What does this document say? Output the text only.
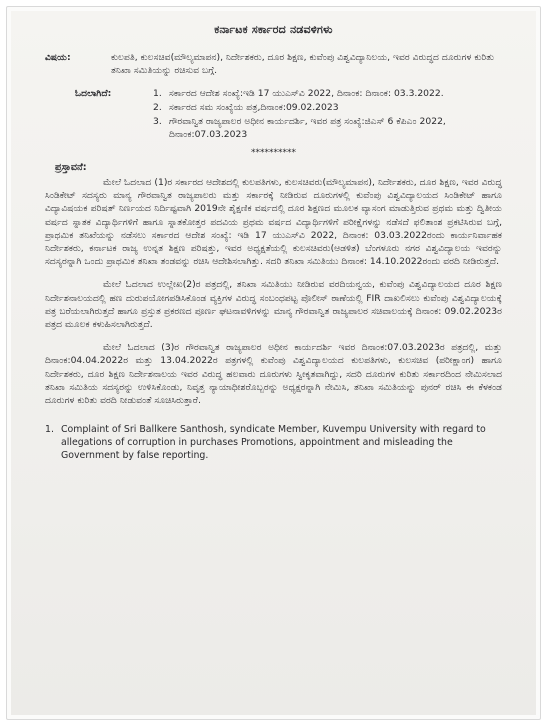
ಕರ್ನಾಟಕ ಸರ್ಕಾರದ ನಡವಳಿಗಳು
ವಿಷಯ:	ಕುಲಪತಿ, ಕುಲಸಚಿವ(ಮೌಲ್ಯಮಾಪನ), ನಿರ್ದೇಶಕರು, ದೂರ ಶಿಕ್ಷಣ, ಕುವೆಂಪು ವಿಶ್ವವಿದ್ಯಾನಿಲಯ, ಇವರ ವಿರುದ್ಧದ ದೂರುಗಳ ಕುರಿತು ತನಿಖಾ ಸಮಿತಿಯನ್ನು ರಚಿಸುವ ಬಗ್ಗೆ.
ಓದಲಾಗಿದೆ:	1. ಸರ್ಕಾರದ ಆದೇಶ ಸಂಖ್ಯೆ:ಇಡಿ 17 ಯುಎಸ್‌ವಿ 2022, ದಿನಾಂಕ: ದಿನಾಂಕ: 03.3.2022.
2. ಸರ್ಕಾರದ ಸಮ ಸಂಖ್ಯೆಯ ಪತ್ರ,ದಿನಾಂಕ:09.02.2023
3. ಗೌರವಾನ್ವಿತ ರಾಜ್ಯಪಾಲರ ಅಧೀನ ಕಾರ್ಯದರ್ಶಿ, ಇವರ ಪತ್ರ ಸಂಖ್ಯೆ:ಜಿಎಸ್ 6 ಕೆಪಿಎಂ 2022, ದಿನಾಂಕ:07.03.2023
**********
ಪ್ರಸ್ತಾವನೆ:

ಮೇಲೆ ಓದಲಾದ (1)ರ ಸರ್ಕಾರದ ಆದೇಶದಲ್ಲಿ ಕುಲಪತಿಗಳು, ಕುಲಸಚಿವರು(ಮೌಲ್ಯಮಾಪನ), ನಿರ್ದೇಶಕರು, ದೂರ ಶಿಕ್ಷಣ, ಇವರ ವಿರುದ್ಧ ಸಿಂಡಿಕೇಟ್ ಸದಸ್ಯರು ಮಾನ್ಯ ಗೌರವಾನ್ವಿತ ರಾಜ್ಯಪಾಲರು ಮತ್ತು ಸರ್ಕಾರಕ್ಕೆ ನೀಡಿರುವ ದೂರುಗಳಲ್ಲಿ ಕುವೆಂಪು ವಿಶ್ವವಿದ್ಯಾಲಯದ ಸಿಂಡಿಕೇಟ್ ಹಾಗೂ ವಿದ್ಯಾವಿಷಯಕ ಪರಿಷತ್ ನಿರ್ಣಯದ ನಿರ್ದಿಷ್ಟವಾಗಿ 2019ನೇ ಶೈಕ್ಷಣಿಕ ವರ್ಷದಲ್ಲಿ ದೂರ ಶಿಕ್ಷಣದ ಮೂಲಕ ವ್ಯಾಸಂಗ ಮಾಡುತ್ತಿರುವ ಪ್ರಥಮ ಮತ್ತು ದ್ವಿತೀಯ ವರ್ಷದ ಸ್ನಾತಕ ವಿದ್ಯಾರ್ಥಿಗಳಿಗೆ ಹಾಗೂ ಸ್ನಾತಕೋತ್ತರ ಪದವಿಯ ಪ್ರಥಮ ವರ್ಷದ ವಿದ್ಯಾರ್ಥಿಗಳಿಗೆ ಪರೀಕ್ಷೆಗಳನ್ನು ನಡೆಸದೆ ಫಲಿತಾಂಶ ಪ್ರಕಟಿಸಿರುವ ಬಗ್ಗೆ, ಪ್ರಾಥಮಿಕ ತನಿಖೆಯನ್ನು ನಡೆಸಲು ಸರ್ಕಾರದ ಆದೇಶ ಸಂಖ್ಯೆ: ಇಡಿ 17 ಯುಎಸ್‌ವಿ 2022, ದಿನಾಂಕ: 03.03.2022ರಂದು ಕಾರ್ಯನಿರ್ವಾಹಕ ನಿರ್ದೇಶಕರು, ಕರ್ನಾಟಕ ರಾಜ್ಯ ಉನ್ನತ ಶಿಕ್ಷಣ ಪರಿಷತ್ತು, ಇವರ ಅಧ್ಯಕ್ಷತೆಯಲ್ಲಿ ಕುಲಸಚಿವರು(ಆಡಳಿತ) ಬೆಂಗಳೂರು ನಗರ ವಿಶ್ವವಿದ್ಯಾಲಯ ಇವರನ್ನು ಸದಸ್ಯರನ್ನಾಗಿ ಒಂದು ಪ್ರಾಥಮಿಕ ತನಿಖಾ ತಂಡವನ್ನು ರಚಿಸಿ ಆದೇಶಿಸಲಾಗಿತ್ತು. ಸದರಿ ತನಿಖಾ ಸಮಿತಿಯು ದಿನಾಂಕ: 14.10.2022ರಂದು ವರದಿ ನೀಡಿರುತ್ತದೆ.

ಮೇಲೆ ಓದಲಾದ ಉಲ್ಲೇಖ(2)ರ ಪತ್ರದಲ್ಲಿ, ತನಿಖಾ ಸಮಿತಿಯು ನೀಡಿರುವ ವರದಿಯನ್ವಯ, ಕುವೆಂಪು ವಿಶ್ವವಿದ್ಯಾಲಯದ ದೂರ ಶಿಕ್ಷಣ ನಿರ್ದೇಶನಾಲಯದಲ್ಲಿ ಹಣ ದುರುಪಯೋಗಪಡಿಸಿಕೊಂಡ ವ್ಯಕ್ತಿಗಳ ವಿರುದ್ಧ ಸಂಬಂಧಪಟ್ಟ ಪೊಲೀಸ್ ಠಾಣೆಯಲ್ಲಿ FIR ದಾಖಲಿಸಲು ಕುವೆಂಪು ವಿಶ್ವವಿದ್ಯಾಲಯಕ್ಕೆ ಪತ್ರ ಬರೆಯಲಾಗಿರುತ್ತದೆ ಹಾಗೂ ಪ್ರಸ್ತುತ ಪ್ರಕರಣದ ಪೂರ್ಣ ಘಟನಾವಳಿಗಳನ್ನು ಮಾನ್ಯ ಗೌರವಾನ್ವಿತ ರಾಜ್ಯಪಾಲರ ಸಚಿವಾಲಯಕ್ಕೆ ದಿನಾಂಕ: 09.02.2023ರ ಪತ್ರದ ಮೂಲಕ ಕಳುಹಿಸಲಾಗಿರುತ್ತದೆ.

ಮೇಲೆ ಓದಲಾದ (3)ರ ಗೌರವಾನ್ವಿತ ರಾಜ್ಯಪಾಲರ ಅಧೀನ ಕಾರ್ಯದರ್ಶಿ ಇವರ ದಿನಾಂಕ:07.03.2023ರ ಪತ್ರದಲ್ಲಿ, ಮತ್ತು ದಿನಾಂಕ:04.04.2022ರ ಮತ್ತು 13.04.2022ರ ಪತ್ರಗಳಲ್ಲಿ ಕುವೆಂಪು ವಿಶ್ವವಿದ್ಯಾಲಯದ ಕುಲಪತಿಗಳು, ಕುಲಸಚಿವ (ಪರೀಕ್ಷಾಂಗ) ಹಾಗೂ ನಿರ್ದೇಶಕರು, ದೂರ ಶಿಕ್ಷಣ ನಿರ್ದೇಶನಾಲಯ ಇವರ ವಿರುದ್ಧ ಹಲವಾರು ದೂರುಗಳು ಸ್ವೀಕೃತವಾಗಿದ್ದು, ಸದರಿ ದೂರುಗಳ ಕುರಿತು ಸರ್ಕಾರದಿಂದ ನೇಮಿಸಲಾದ ತನಿಖಾ ಸಮಿತಿಯ ಸದಸ್ಯರನ್ನು ಉಳಿಸಿಕೊಂಡು, ನಿವೃತ್ತ ನ್ಯಾಯಾಧೀಶರೊಬ್ಬರನ್ನು ಅಧ್ಯಕ್ಷರನ್ನಾಗಿ ನೇಮಿಸಿ, ತನಿಖಾ ಸಮಿತಿಯನ್ನು ಪುನರ್ ರಚಿಸಿ ಈ ಕೆಳಕಂಡ ದೂರುಗಳ ಕುರಿತು ವರದಿ ನೀಡುವಂತೆ ಸೂಚಿಸಿರುತ್ತಾರೆ.

1. Complaint of Sri Ballkere Santhosh, syndicate Member, Kuvempu University with regard to allegations of corruption in purchases Promotions, appointment and misleading the Government by false reporting.
